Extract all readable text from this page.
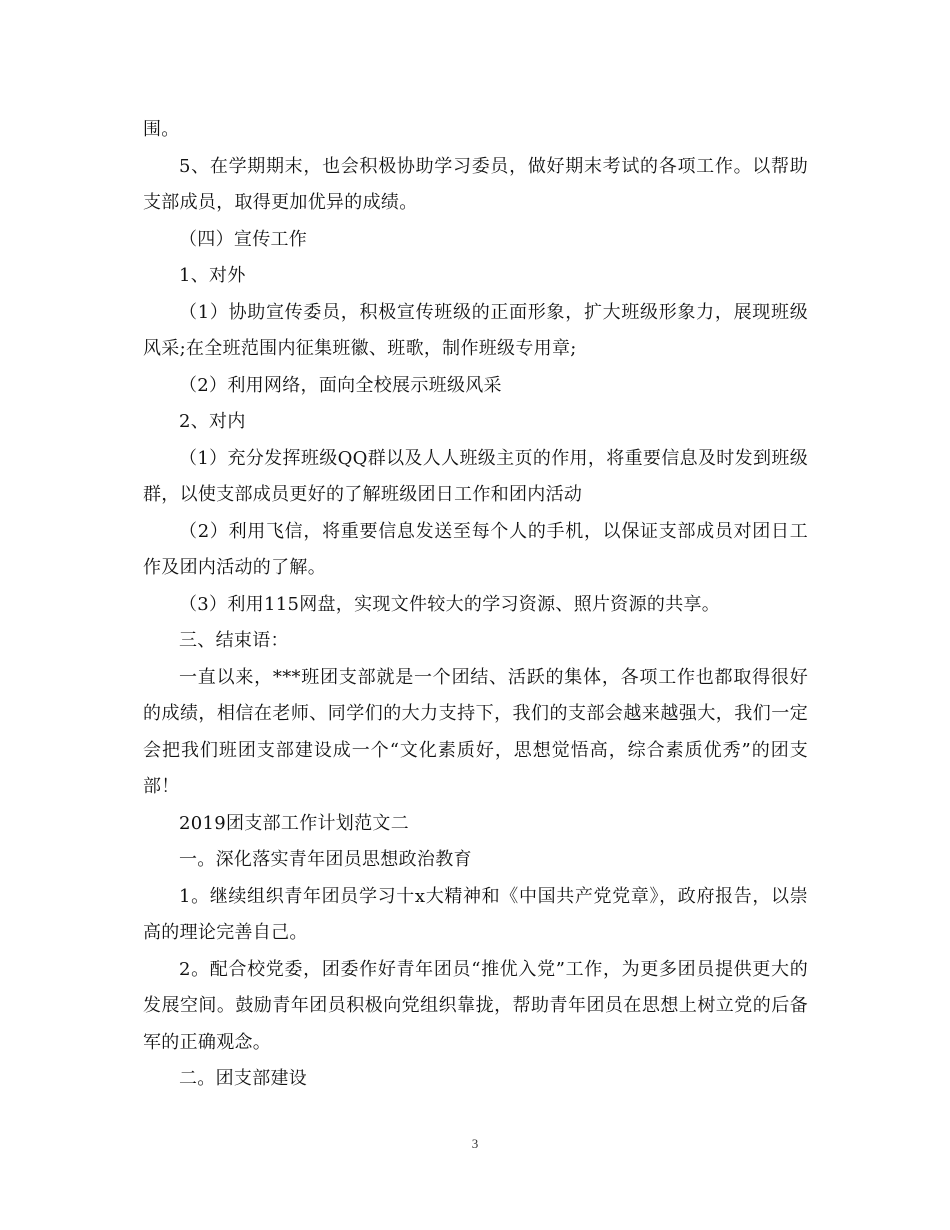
围。

5、在学期期末，也会积极协助学习委员，做好期末考试的各项工作。以帮助支部成员，取得更加优异的成绩。

（四）宣传工作

1、对外

（1）协助宣传委员，积极宣传班级的正面形象，扩大班级形象力，展现班级风采;在全班范围内征集班徽、班歌，制作班级专用章;

（2）利用网络，面向全校展示班级风采

2、对内

（1）充分发挥班级QQ群以及人人班级主页的作用，将重要信息及时发到班级群，以使支部成员更好的了解班级团日工作和团内活动

（2）利用飞信，将重要信息发送至每个人的手机，以保证支部成员对团日工作及团内活动的了解。

（3）利用115网盘，实现文件较大的学习资源、照片资源的共享。

三、结束语：

一直以来，***班团支部就是一个团结、活跃的集体，各项工作也都取得很好的成绩，相信在老师、同学们的大力支持下，我们的支部会越来越强大，我们一定会把我们班团支部建设成一个“文化素质好，思想觉悟高，综合素质优秀”的团支部！

2019团支部工作计划范文二

一。深化落实青年团员思想政治教育

1。继续组织青年团员学习十x大精神和《中国共产党党章》，政府报告，以崇高的理论完善自己。

2。配合校党委，团委作好青年团员“推优入党”工作，为更多团员提供更大的发展空间。鼓励青年团员积极向党组织靠拢，帮助青年团员在思想上树立党的后备军的正确观念。

二。团支部建设

3
